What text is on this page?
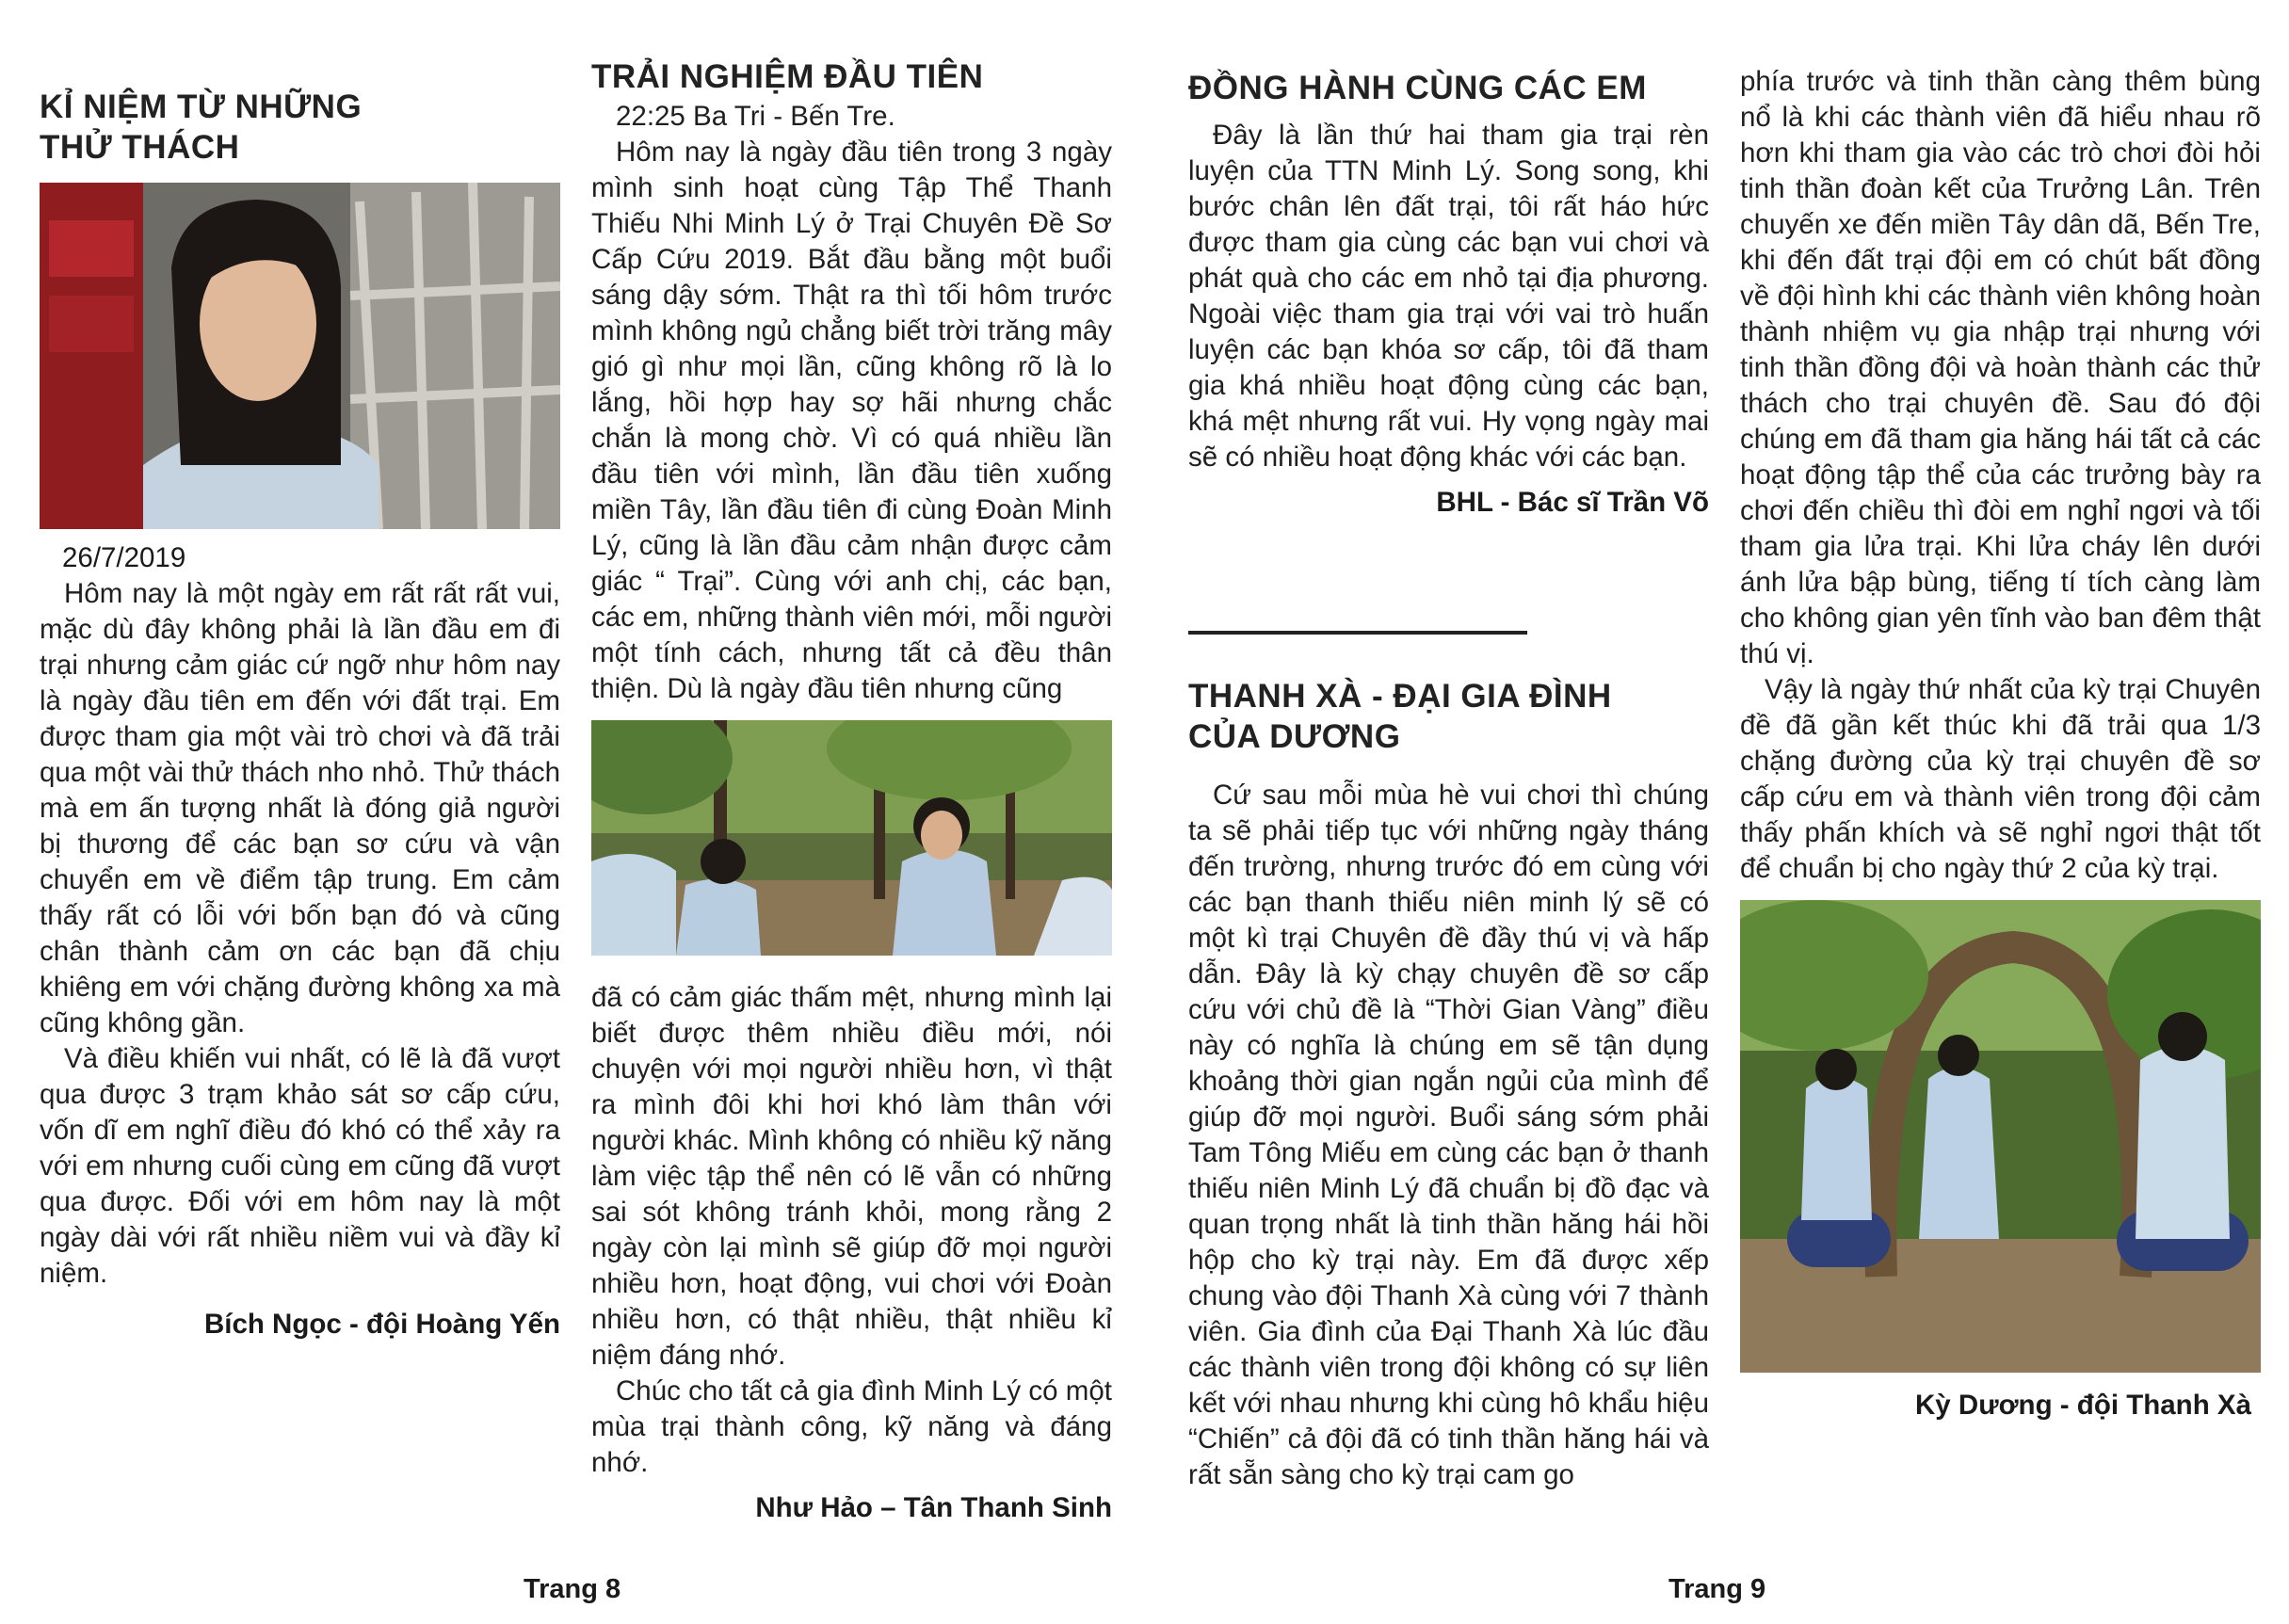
KỈ NIỆM TỪ NHỮNG
THỬ THÁCH
26/7/2019

Hôm nay là một ngày em rất rất rất vui, mặc dù đây không phải là lần đầu em đi trại nhưng cảm giác cứ ngỡ như hôm nay là ngày đầu tiên em đến với đất trại. Em được tham gia một vài trò chơi và đã trải qua một vài thử thách nho nhỏ. Thử thách mà em ấn tượng nhất là đóng giả người bị thương để các bạn sơ cứu và vận chuyển em về điểm tập trung. Em cảm thấy rất có lỗi với bốn bạn đó và cũng chân thành cảm ơn các bạn đã chịu khiêng em với chặng đường không xa mà cũng không gần.

Và điều khiến vui nhất, có lẽ là đã vượt qua được 3 trạm khảo sát sơ cấp cứu, vốn dĩ em nghĩ điều đó khó có thể xảy ra với em nhưng cuối cùng em cũng đã vượt qua được. Đối với em hôm nay là một ngày dài với rất nhiều niềm vui và đầy kỉ niệm.

Bích Ngọc - đội Hoàng Yến
TRẢI NGHIỆM ĐẦU TIÊN

22:25 Ba Tri - Bến Tre.

Hôm nay là ngày đầu tiên trong 3 ngày mình sinh hoạt cùng Tập Thể Thanh Thiếu Nhi Minh Lý ở Trại Chuyên Đề Sơ Cấp Cứu 2019. Bắt đầu bằng một buổi sáng dậy sớm. Thật ra thì tối hôm trước mình không ngủ chẳng biết trời trăng mây gió gì như mọi lần, cũng không rõ là lo lắng, hồi hợp hay sợ hãi nhưng chắc chắn là mong chờ. Vì có quá nhiều lần đầu tiên với mình, lần đầu tiên xuống miền Tây, lần đầu tiên đi cùng Đoàn Minh Lý, cũng là lần đầu cảm nhận được cảm giác “ Trại”. Cùng với anh chị, các bạn, các em, những thành viên mới, mỗi người một tính cách, nhưng tất cả đều thân thiện. Dù là ngày đầu tiên nhưng cũng

đã có cảm giác thấm mệt, nhưng mình lại biết được thêm nhiều điều mới, nói chuyện với mọi người nhiều hơn, vì thật ra mình đôi khi hơi khó làm thân với người khác. Mình không có nhiều kỹ năng làm việc tập thể nên có lẽ vẫn có những sai sót không tránh khỏi, mong rằng 2 ngày còn lại mình sẽ giúp đỡ mọi người nhiều hơn, hoạt động, vui chơi với Đoàn nhiều hơn, có thật nhiều, thật nhiều kỉ niệm đáng nhớ.

Chúc cho tất cả gia đình Minh Lý có một mùa trại thành công, kỹ năng và đáng nhớ.

Như Hảo – Tân Thanh Sinh
ĐỒNG HÀNH CÙNG CÁC EM

Đây là lần thứ hai tham gia trại rèn luyện của TTN Minh Lý. Song song, khi bước chân lên đất trại, tôi rất háo hức được tham gia cùng các bạn vui chơi và phát quà cho các em nhỏ tại địa phương. Ngoài việc tham gia trại với vai trò huấn luyện các bạn khóa sơ cấp, tôi đã tham gia khá nhiều hoạt động cùng các bạn, khá mệt nhưng rất vui. Hy vọng ngày mai sẽ có nhiều hoạt động khác với các bạn.

BHL - Bác sĩ Trần Võ
THANH XÀ - ĐẠI GIA ĐÌNH
CỦA DƯƠNG

Cứ sau mỗi mùa hè vui chơi thì chúng ta sẽ phải tiếp tục với những ngày tháng đến trường, nhưng trước đó em cùng với các bạn thanh thiếu niên minh lý sẽ có một kì trại Chuyên đề đầy thú vị và hấp dẫn. Đây là kỳ chạy chuyên đề sơ cấp cứu với chủ đề là “Thời Gian Vàng” điều này có nghĩa là chúng em sẽ tận dụng khoảng thời gian ngắn ngủi của mình để giúp đỡ mọi người. Buổi sáng sớm phải Tam Tông Miếu em cùng các bạn ở thanh thiếu niên Minh Lý đã chuẩn bị đồ đạc và quan trọng nhất là tinh thần hăng hái hồi hộp cho kỳ trại này. Em đã được xếp chung vào đội Thanh Xà cùng với 7 thành viên. Gia đình của Đại Thanh Xà lúc đầu các thành viên trong đội không có sự liên kết với nhau nhưng khi cùng hô khẩu hiệu “Chiến” cả đội đã có tinh thần hăng hái và rất sẵn sàng cho kỳ trại cam go

phía trước và tinh thần càng thêm bùng nổ là khi các thành viên đã hiểu nhau rõ hơn khi tham gia vào các trò chơi đòi hỏi tinh thần đoàn kết của Trưởng Lân. Trên chuyến xe đến miền Tây dân dã, Bến Tre, khi đến đất trại đội em có chút bất đồng về đội hình khi các thành viên không hoàn thành nhiệm vụ gia nhập trại nhưng với tinh thần đồng đội và hoàn thành các thử thách cho trại chuyên đề. Sau đó đội chúng em đã tham gia hăng hái tất cả các hoạt động tập thể của các trưởng bày ra chơi đến chiều thì đòi em nghỉ ngơi và tối tham gia lửa trại. Khi lửa cháy lên dưới ánh lửa bập bùng, tiếng tí tích càng làm cho không gian yên tĩnh vào ban đêm thật thú vị.

Vậy là ngày thứ nhất của kỳ trại Chuyên đề đã gần kết thúc khi đã trải qua 1/3 chặng đường của kỳ trại chuyên đề sơ cấp cứu em và thành viên trong đội cảm thấy phấn khích và sẽ nghỉ ngơi thật tốt để chuẩn bị cho ngày thứ 2 của kỳ trại.

Kỳ Dương - đội Thanh Xà
Trang 8	Trang 9
